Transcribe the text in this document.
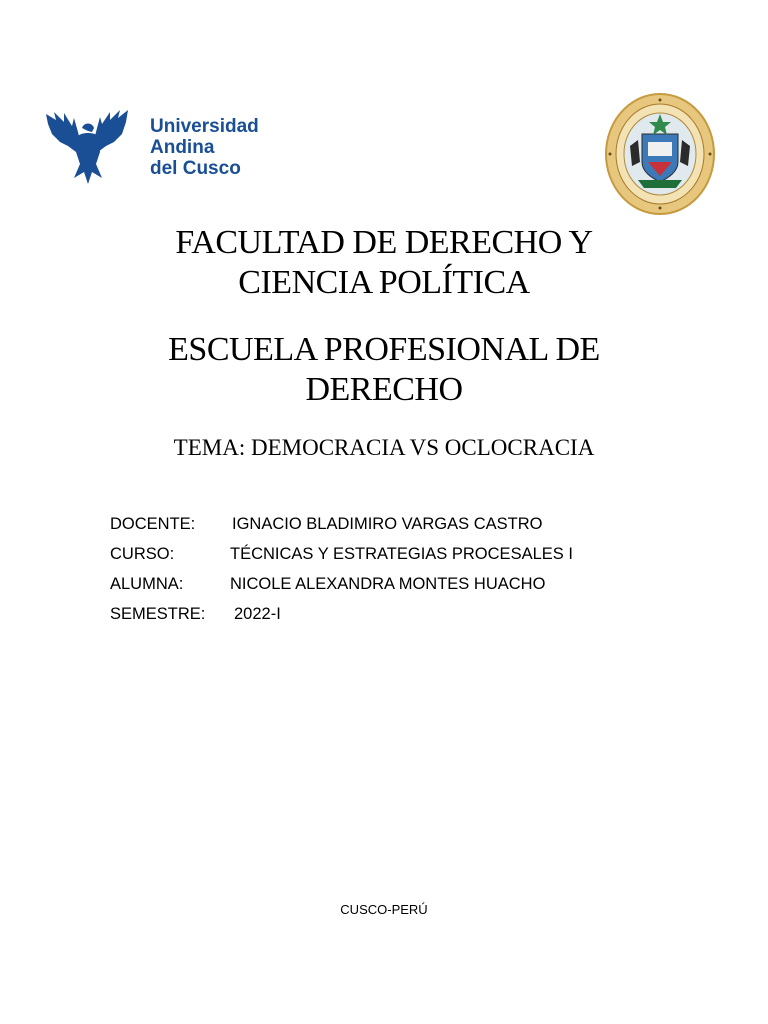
Universidad
Andina
del Cusco
FACULTAD DE DERECHO Y
CIENCIA POLÍTICA
ESCUELA PROFESIONAL DE
DERECHO
TEMA: DEMOCRACIA VS OCLOCRACIA
DOCENTE: IGNACIO BLADIMIRO VARGAS CASTRO
CURSO:	TÉCNICAS Y ESTRATEGIAS PROCESALES I
ALUMNA:	NICOLE ALEXANDRA MONTES HUACHO
SEMESTRE: 2022-I
CUSCO-PERÚ
